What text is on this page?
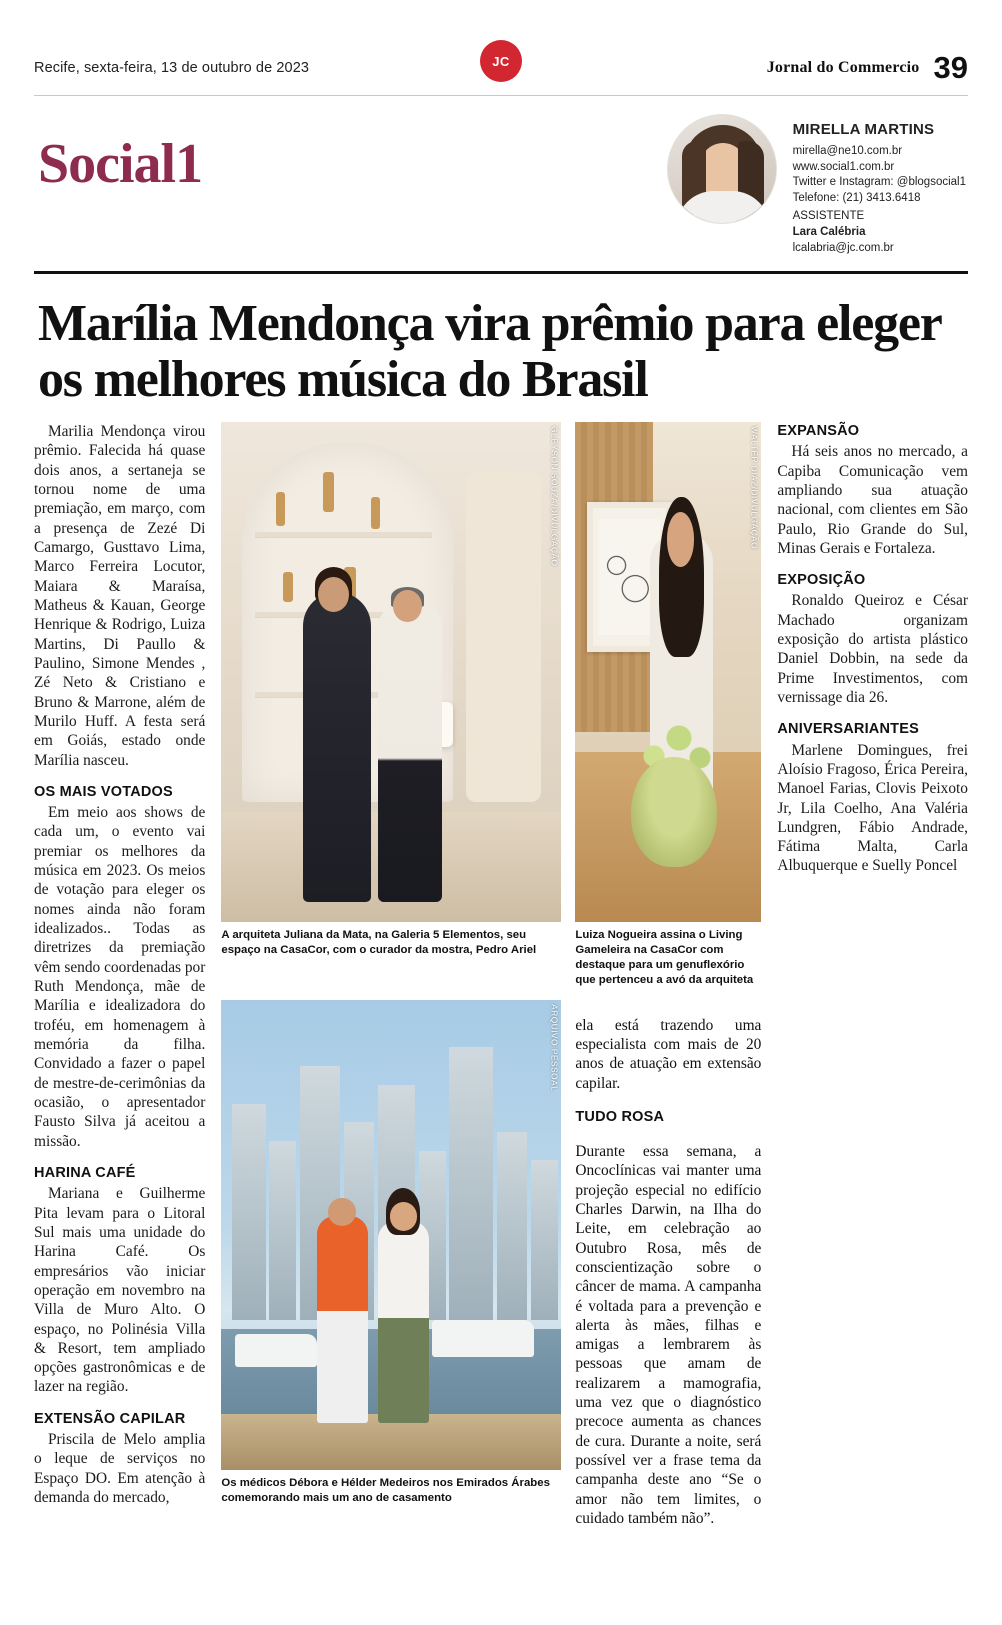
Recife, sexta-feira, 13 de outubro de 2023	JC	Jornal do Commercio 39
Social1
MIRELLA MARTINS
mirella@ne10.com.br
www.social1.com.br
Twitter e Instagram: @blogsocial1
Telefone: (21) 3413.6418
ASSISTENTE
Lara Calébria
lcalabria@jc.com.br
Marília Mendonça vira prêmio para eleger os melhores música do Brasil

Marilia Mendonça virou prêmio. Falecida há quase dois anos, a sertaneja se tornou nome de uma premiação, em março, com a presença de Zezé Di Camargo, Gusttavo Lima, Marco Ferreira Locutor, Maiara & Maraísa, Matheus & Kauan, George Henrique & Rodrigo, Luiza Martins, Di Paullo & Paulino, Simone Mendes , Zé Neto & Cristiano e Bruno & Marrone, além de Murilo Huff. A festa será em Goiás, estado onde Marília nasceu.

OS MAIS VOTADOS

Em meio aos shows de cada um, o evento vai premiar os melhores da música em 2023. Os meios de votação para eleger os nomes ainda não foram idealizados.. Todas as diretrizes da premiação vêm sendo coordenadas por Ruth Mendonça, mãe de Marília e idealizadora do troféu, em homenagem à memória da filha. Convidado a fazer o papel de mestre-de-cerimônias da ocasião, o apresentador Fausto Silva já aceitou a missão.

HARINA CAFÉ

Mariana e Guilherme Pita levam para o Litoral Sul mais uma unidade do Harina Café. Os empresários vão iniciar operação em novembro na Villa de Muro Alto. O espaço, no Polinésia Villa & Resort, tem ampliado opções gastronômicas e de lazer na região.

EXTENSÃO CAPILAR

Priscila de Melo amplia o leque de serviços no Espaço DO. Em atenção à demanda do mercado,

GLEYSON SOUZA/DIVULGAÇÃO
A arquiteta Juliana da Mata, na Galeria 5 Elementos, seu espaço na CasaCor, com o curador da mostra, Pedro Ariel
WALTER DIAZ/DIVULGAÇÃO
Luiza Nogueira assina o Living Gameleira na CasaCor com destaque para um genuflexório que pertenceu a avó da arquiteta
ARQUIVO PESSOAL
Os médicos Débora e Hélder Medeiros nos Emirados Árabes comemorando mais um ano de casamento

ela está trazendo uma especialista com mais de 20 anos de atuação em extensão capilar.

TUDO ROSA

Durante essa semana, a Oncoclínicas vai manter uma projeção especial no edifício Charles Darwin, na Ilha do Leite, em celebração ao Outubro Rosa, mês de conscientização sobre o câncer de mama. A campanha é voltada para a prevenção e alerta às mães, filhas e amigas a lembrarem às pessoas que amam de realizarem a mamografia, uma vez que o diagnóstico precoce aumenta as chances de cura. Durante a noite, será possível ver a frase tema da campanha deste ano “Se o amor não tem limites, o cuidado também não”.

EXPANSÃO

Há seis anos no mercado, a Capiba Comunicação vem ampliando sua atuação nacional, com clientes em São Paulo, Rio Grande do Sul, Minas Gerais e Fortaleza.

EXPOSIÇÃO

Ronaldo Queiroz e César Machado organizam exposição do artista plástico Daniel Dobbin, na sede da Prime Investimentos, com vernissage dia 26.

ANIVERSARIANTES

Marlene Domingues, frei Aloísio Fragoso, Érica Pereira, Manoel Farias, Clovis Peixoto Jr, Lila Coelho, Ana Valéria Lundgren, Fábio Andrade, Fátima Malta, Carla Albuquerque e Suelly Poncel
